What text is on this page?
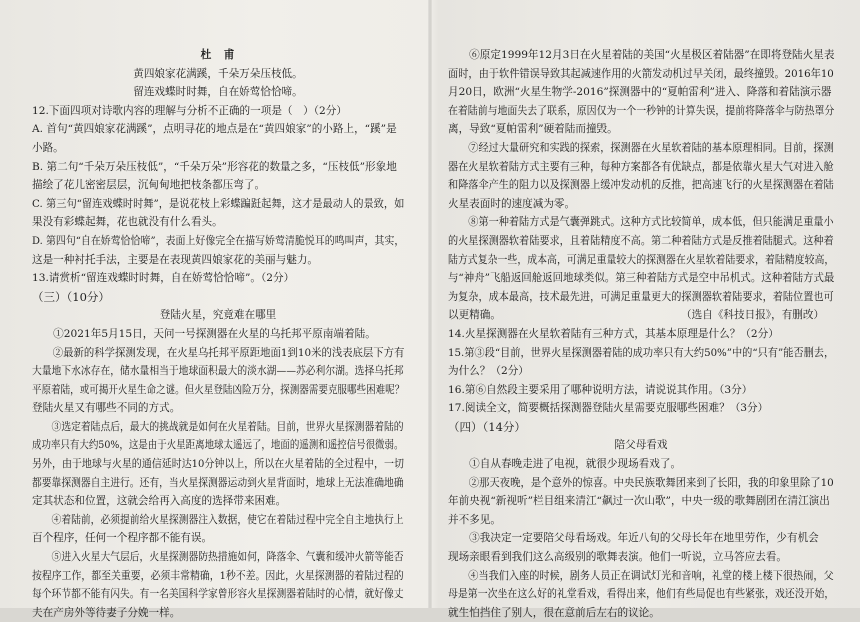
杜　甫
黄四娘家花满蹊，千朵万朵压枝低。
留连戏蝶时时舞，自在娇莺恰恰啼。
12.下面四项对诗歌内容的理解与分析不正确的一项是（　）（2分）
A. 首句“黄四娘家花满蹊”，点明寻花的地点是在“黄四娘家”的小路上，“蹊”是
小路。
B. 第二句“千朵万朵压枝低”，“千朵万朵”形容花的数量之多，“压枝低”形象地
描绘了花儿密密层层，沉甸甸地把枝条都压弯了。
C. 第三句“留连戏蝶时时舞”，是说花枝上彩蝶蹁跹起舞，这才是最动人的景致，如
果没有彩蝶起舞，花也就没有什么看头。
D. 第四句“自在娇莺恰恰啼”，表面上好像完全在描写娇莺清脆悦耳的鸣叫声，其实，
这是一种衬托手法，主要是在表现黄四娘家花的美丽与魅力。
13.请赏析“留连戏蝶时时舞，自在娇莺恰恰啼”。（2分）
（三）（10分）
登陆火星，究竟难在哪里
　　①2021年5月15日，天问一号探测器在火星的乌托邦平原南端着陆。
　　②最新的科学探测发现，在火星乌托邦平原距地面1到10米的浅表底层下方有
大量地下水冰存在，储水量相当于地球面积最大的淡水湖——苏必利尔湖。选择乌托邦
平原着陆，或可揭开火星生命之谜。但火星登陆凶险万分，探测器需要克服哪些困难呢？
登陆火星又有哪些不同的方式。
　　③选定着陆点后，最大的挑战就是如何在火星着陆。目前，世界火星探测器着陆的
成功率只有大约50%，这是由于火星距离地球太遥远了，地面的遥测和遥控信号很微弱。
另外，由于地球与火星的通信延时达10分钟以上，所以在火星着陆的全过程中，一切
都要靠探测器自主进行。还有，当火星探测器运动到火星背面时，地球上无法准确地确
定其状态和位置，这就会给再入高度的选择带来困难。
　　④着陆前，必须提前给火星探测器注入数据，使它在着陆过程中完全自主地执行上
百个程序，任何一个程序都不能有误。
　　⑤进入火星大气层后，火星探测器防热措施如何，降落伞、气囊和缓冲火箭等能否
按程序工作，都至关重要，必须丰常精确，1秒不差。因此，火星探测器的着陆过程的
每个环节都不能有闪失。有一名美国科学家曾形容火星探测器着陆时的心情，就好像丈
夫在产房外等待妻子分娩一样。
　　⑥原定1999年12月3日在火星着陆的美国“火星极区着陆器”在即将登陆火星表
面时，由于软件错误导致其起减速作用的火箭发动机过早关闭，最终撞毁。2016年10
月20日，欧洲“火星生物学-2016”探测器中的“夏帕雷利”进入、降落和着陆演示器
在着陆前与地面失去了联系，原因仅为一个一秒钟的计算失误，提前将降落伞与防热罩分
离，导致“夏帕雷利”硬着陆而撞毁。
　　⑦经过大量研究和实践的探索，探测器在火星软着陆的基本原理相同。目前，探测
器在火星软着陆方式主要有三种，每种方案都各有优缺点，都是依靠火星大气对进入舱
和降落伞产生的阻力以及探测器上缓冲发动机的反推，把高速飞行的火星探测器在着陆
火星表面时的速度减为零。
　　⑧第一种着陆方式是气囊弹跳式。这种方式比较简单，成本低，但只能满足重量小
的火星探测器软着陆要求，且着陆精度不高。第二种着陆方式是反推着陆腿式。这种着
陆方式复杂一些，成本高，可满足重量较大的探测器在火星软着陆要求，着陆精度较高，
与“神舟”飞船返回舱返回地球类似。第三种着陆方式是空中吊机式。这种着陆方式最
为复杂，成本最高，技术最先进，可满足重量更大的探测器软着陆要求，着陆位置也可
以更精确。　　　　　　　　　　　　　　　　　　（选自《科技日报》，有删改）
14.火星探测器在火星软着陆有三种方式，其基本原理是什么？（2分）
15.第③段“目前，世界火星探测器着陆的成功率只有大约50%”中的“只有”能否删去，
为什么？（2分）
16.第⑥自然段主要采用了哪种说明方法，请说说其作用。（3分）
17.阅读全文，简要概括探测器登陆火星需要克服哪些困难？（3分）
（四）（14分）
陪父母看戏
　　①自从春晚走进了电视，就很少现场看戏了。
　　②那天夜晚，是个意外的惊喜。中央民族歌舞团来到了长阳，我的印象里除了10
年前央视“新视听”栏目组来清江“飙过一次山歌”，中央一级的歌舞剧团在清江演出
并不多见。
　　③我决定一定要陪父母看场戏。年近八旬的父母长年在地里劳作，少有机会
现场亲眼看到我们这么高级别的歌舞表演。他们一听说，立马答应去看。
　　④当我们入座的时候，剧务人员正在调试灯光和音响，礼堂的楼上楼下很热闹，父
母是第一次坐在这么好的礼堂看戏，看得出来，他们有些局促也有些紧张，戏还没开始，
就生怕挡住了别人，很在意前后左右的议论。
